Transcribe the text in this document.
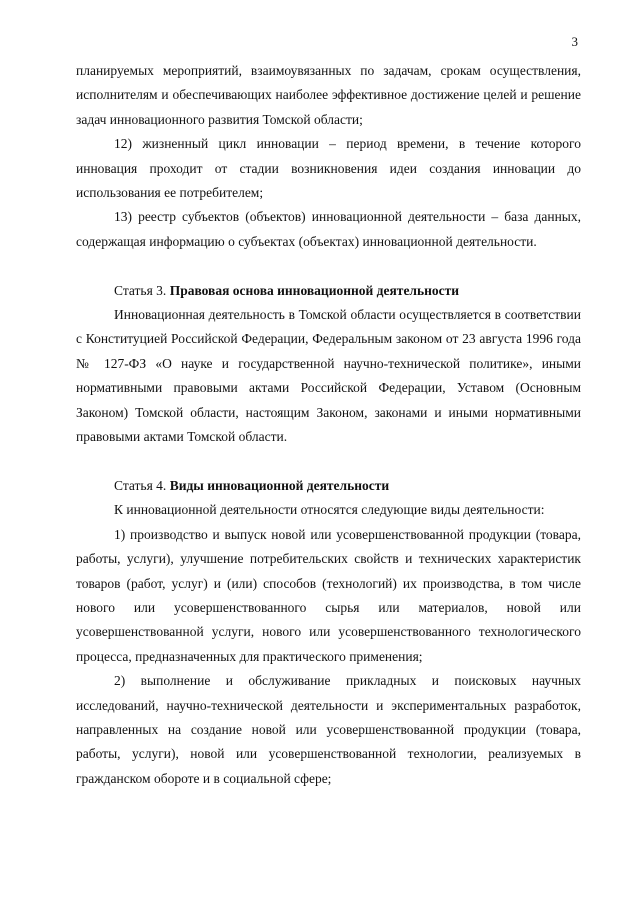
3

планируемых мероприятий, взаимоувязанных по задачам, срокам осуществления, исполнителям и обеспечивающих наиболее эффективное достижение целей и решение задач инновационного развития Томской области;

12) жизненный цикл инновации – период времени, в течение которого инновация проходит от стадии возникновения идеи создания инновации до использования ее потребителем;

13) реестр субъектов (объектов) инновационной деятельности – база данных, содержащая информацию о субъектах (объектах) инновационной деятельности.

Статья 3. Правовая основа инновационной деятельности

Инновационная деятельность в Томской области осуществляется в соответствии с Конституцией Российской Федерации, Федеральным законом от 23 августа 1996 года № 127-ФЗ «О науке и государственной научно-технической политике», иными нормативными правовыми актами Российской Федерации, Уставом (Основным Законом) Томской области, настоящим Законом, законами и иными нормативными правовыми актами Томской области.

Статья 4. Виды инновационной деятельности

К инновационной деятельности относятся следующие виды деятельности:

1) производство и выпуск новой или усовершенствованной продукции (товара, работы, услуги), улучшение потребительских свойств и технических характеристик товаров (работ, услуг) и (или) способов (технологий) их производства, в том числе нового или усовершенствованного сырья или материалов, новой или усовершенствованной услуги, нового или усовершенствованного технологического процесса, предназначенных для практического применения;

2) выполнение и обслуживание прикладных и поисковых научных исследований, научно-технической деятельности и экспериментальных разработок, направленных на создание новой или усовершенствованной продукции (товара, работы, услуги), новой или усовершенствованной технологии, реализуемых в гражданском обороте и в социальной сфере;
